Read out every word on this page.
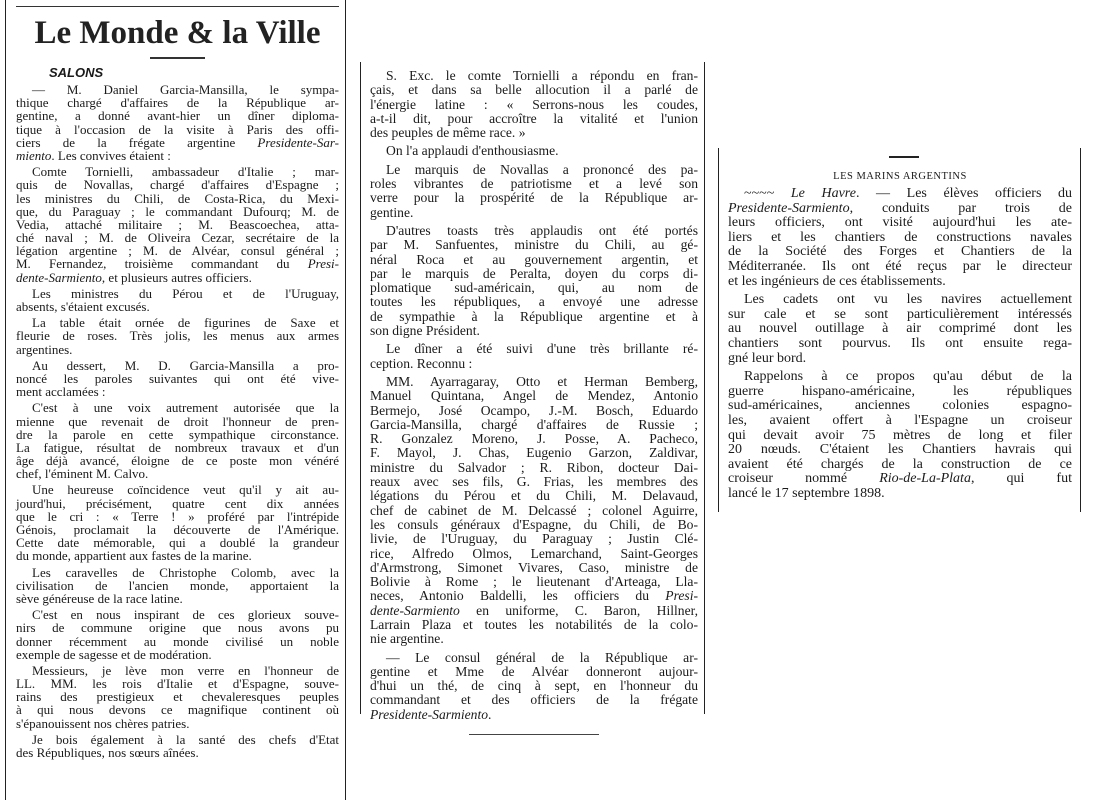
Le Monde & la Ville
SALONS
— M. Daniel Garcia-Mansilla, le sympa-
thique chargé d'affaires de la République ar-
gentine, a donné avant-hier un dîner diploma-
tique à l'occasion de la visite à Paris des offi-
ciers de la frégate argentine Presidente-Sar-
miento. Les convives étaient :
Comte Tornielli, ambassadeur d'Italie ; mar-
quis de Novallas, chargé d'affaires d'Espagne ;
les ministres du Chili, de Costa-Rica, du Mexi-
que, du Paraguay ; le commandant Dufourq; M. de
Vedia, attaché militaire ; M. Beascoechea, atta-
ché naval ; M. de Oliveira Cezar, secrétaire de la
légation argentine ; M. de Alvéar, consul général ;
M. Fernandez, troisième commandant du Presi-
dente-Sarmiento, et plusieurs autres officiers.
Les ministres du Pérou et de l'Uruguay,
absents, s'étaient excusés.
La table était ornée de figurines de Saxe et
fleurie de roses. Très jolis, les menus aux armes
argentines.
Au dessert, M. D. Garcia-Mansilla a pro-
noncé les paroles suivantes qui ont été vive-
ment acclamées :
C'est à une voix autrement autorisée que la
mienne que revenait de droit l'honneur de pren-
dre la parole en cette sympathique circonstance.
La fatigue, résultat de nombreux travaux et d'un
âge déjà avancé, éloigne de ce poste mon vénéré
chef, l'éminent M. Calvo.
Une heureuse coïncidence veut qu'il y ait au-
jourd'hui, précisément, quatre cent dix années
que le cri : « Terre ! » proféré par l'intrépide
Génois, proclamait la découverte de l'Amérique.
Cette date mémorable, qui a doublé la grandeur
du monde, appartient aux fastes de la marine.
Les caravelles de Christophe Colomb, avec la
civilisation de l'ancien monde, apportaient la
sève généreuse de la race latine.
C'est en nous inspirant de ces glorieux souve-
nirs de commune origine que nous avons pu
donner récemment au monde civilisé un noble
exemple de sagesse et de modération.
Messieurs, je lève mon verre en l'honneur de
LL. MM. les rois d'Italie et d'Espagne, souve-
rains des prestigieux et chevaleresques peuples
à qui nous devons ce magnifique continent où
s'épanouissent nos chères patries.
Je bois également à la santé des chefs d'Etat
des Républiques, nos sœurs aînées.
S. Exc. le comte Tornielli a répondu en fran-
çais, et dans sa belle allocution il a parlé de
l'énergie latine : « Serrons-nous les coudes,
a-t-il dit, pour accroître la vitalité et l'union
des peuples de même race. »
On l'a applaudi d'enthousiasme.
Le marquis de Novallas a prononcé des pa-
roles vibrantes de patriotisme et a levé son
verre pour la prospérité de la République ar-
gentine.
D'autres toasts très applaudis ont été portés
par M. Sanfuentes, ministre du Chili, au gé-
néral Roca et au gouvernement argentin, et
par le marquis de Peralta, doyen du corps di-
plomatique sud-américain, qui, au nom de
toutes les républiques, a envoyé une adresse
de sympathie à la République argentine et à
son digne Président.
Le dîner a été suivi d'une très brillante ré-
ception. Reconnu :
MM. Ayarragaray, Otto et Herman Bemberg,
Manuel Quintana, Angel de Mendez, Antonio
Bermejo, José Ocampo, J.-M. Bosch, Eduardo
Garcia-Mansilla, chargé d'affaires de Russie ;
R. Gonzalez Moreno, J. Posse, A. Pacheco,
F. Mayol, J. Chas, Eugenio Garzon, Zaldivar,
ministre du Salvador ; R. Ribon, docteur Dai-
reaux avec ses fils, G. Frias, les membres des
légations du Pérou et du Chili, M. Delavaud,
chef de cabinet de M. Delcassé ; colonel Aguirre,
les consuls généraux d'Espagne, du Chili, de Bo-
livie, de l'Uruguay, du Paraguay ; Justin Clé-
rice, Alfredo Olmos, Lemarchand, Saint-Georges
d'Armstrong, Simonet Vivares, Caso, ministre de
Bolivie à Rome ; le lieutenant d'Arteaga, Lla-
neces, Antonio Baldelli, les officiers du Presi-
dente-Sarmiento en uniforme, C. Baron, Hillner,
Larrain Plaza et toutes les notabilités de la colo-
nie argentine.
— Le consul général de la République ar-
gentine et Mme de Alvéar donneront aujour-
d'hui un thé, de cinq à sept, en l'honneur du
commandant et des officiers de la frégate
Presidente-Sarmiento.
LES MARINS ARGENTINS
~~~~ Le Havre. — Les élèves officiers du
Presidente-Sarmiento, conduits par trois de
leurs officiers, ont visité aujourd'hui les ate-
liers et les chantiers de constructions navales
de la Société des Forges et Chantiers de la
Méditerranée. Ils ont été reçus par le directeur
et les ingénieurs de ces établissements.
Les cadets ont vu les navires actuellement
sur cale et se sont particulièrement intéressés
au nouvel outillage à air comprimé dont les
chantiers sont pourvus. Ils ont ensuite rega-
gné leur bord.
Rappelons à ce propos qu'au début de la
guerre hispano-américaine, les républiques
sud-américaines, anciennes colonies espagno-
les, avaient offert à l'Espagne un croiseur
qui devait avoir 75 mètres de long et filer
20 nœuds. C'étaient les Chantiers havrais qui
avaient été chargés de la construction de ce
croiseur nommé Rio-de-La-Plata, qui fut
lancé le 17 septembre 1898.
